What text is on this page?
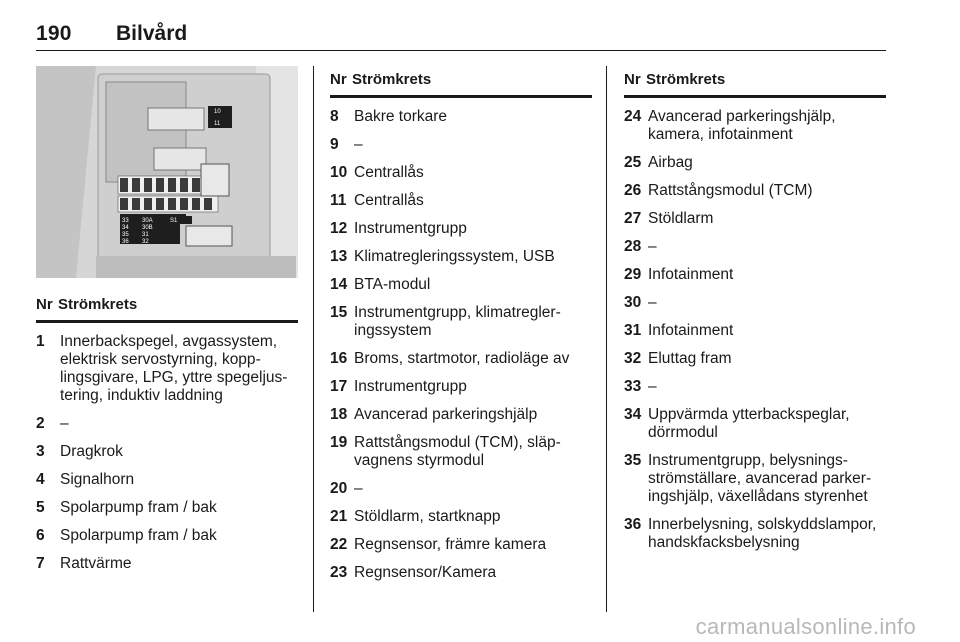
190 Bilvård
10
11
33
34
35
36
30A
30B
31
32
S1
Nr Strömkrets
1 Innerbackspegel, avgassystem, elektrisk servostyrning, kopplingsgivare, LPG, yttre spegeljustering, induktiv laddning
2 –
3 Dragkrok
4 Signalhorn
5 Spolarpump fram / bak
6 Spolarpump fram / bak
7 Rattvärme
Nr Strömkrets
8 Bakre torkare
9 –
10 Centrallås
11 Centrallås
12 Instrumentgrupp
13 Klimatregleringssystem, USB
14 BTA-modul
15 Instrumentgrupp, klimatregleringssystem
16 Broms, startmotor, radioläge av
17 Instrumentgrupp
18 Avancerad parkeringshjälp
19 Rattstångsmodul (TCM), släpvagnens styrmodul
20 –
21 Stöldlarm, startknapp
22 Regnsensor, främre kamera
23 Regnsensor/Kamera
Nr Strömkrets
24 Avancerad parkeringshjälp, kamera, infotainment
25 Airbag
26 Rattstångsmodul (TCM)
27 Stöldlarm
28 –
29 Infotainment
30 –
31 Infotainment
32 Eluttag fram
33 –
34 Uppvärmda ytterbackspeglar, dörrmodul
35 Instrumentgrupp, belysningsströmställare, avancerad parkeringshjälp, växellådans styrenhet
36 Innerbelysning, solskyddslampor, handskfacksbelysning
carmanualsonline.info
